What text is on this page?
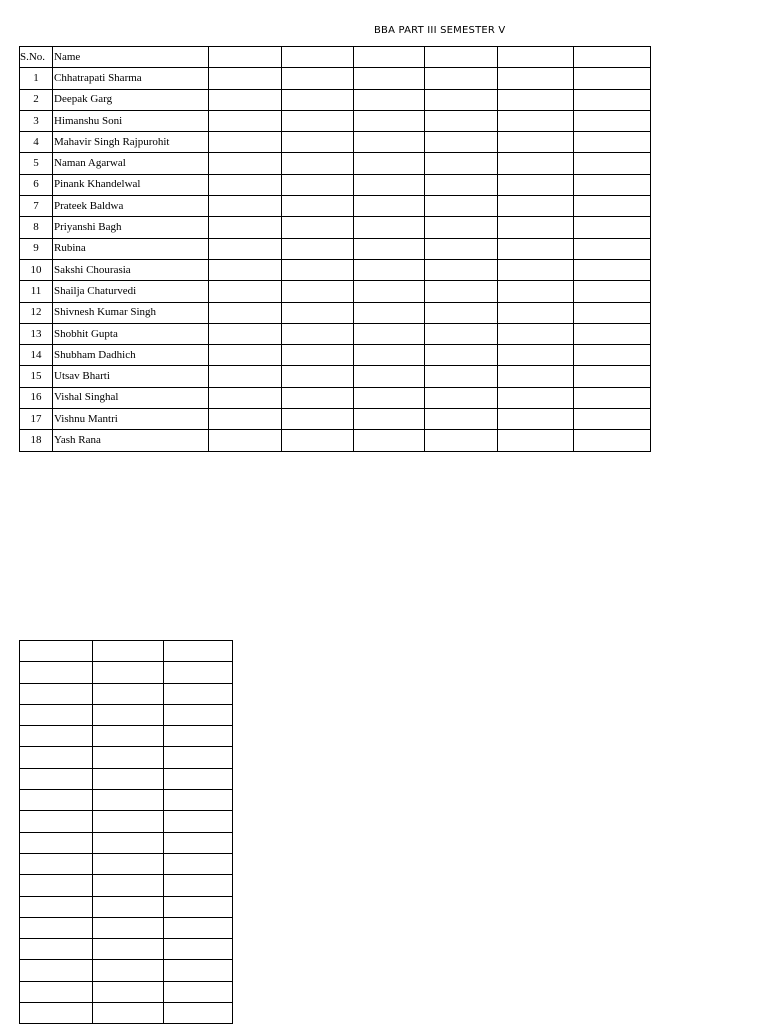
BBA PART III SEMESTER V
S.No.	Name						
1	Chhatrapati Sharma						
2	Deepak Garg						
3	Himanshu Soni						
4	Mahavir Singh Rajpurohit						
5	Naman Agarwal						
6	Pinank Khandelwal						
7	Prateek Baldwa						
8	Priyanshi Bagh						
9	Rubina						
10	Sakshi Chourasia						
11	Shailja Chaturvedi						
12	Shivnesh Kumar Singh						
13	Shobhit Gupta						
14	Shubham Dadhich						
15	Utsav Bharti						
16	Vishal Singhal						
17	Vishnu Mantri						
18	Yash Rana						
